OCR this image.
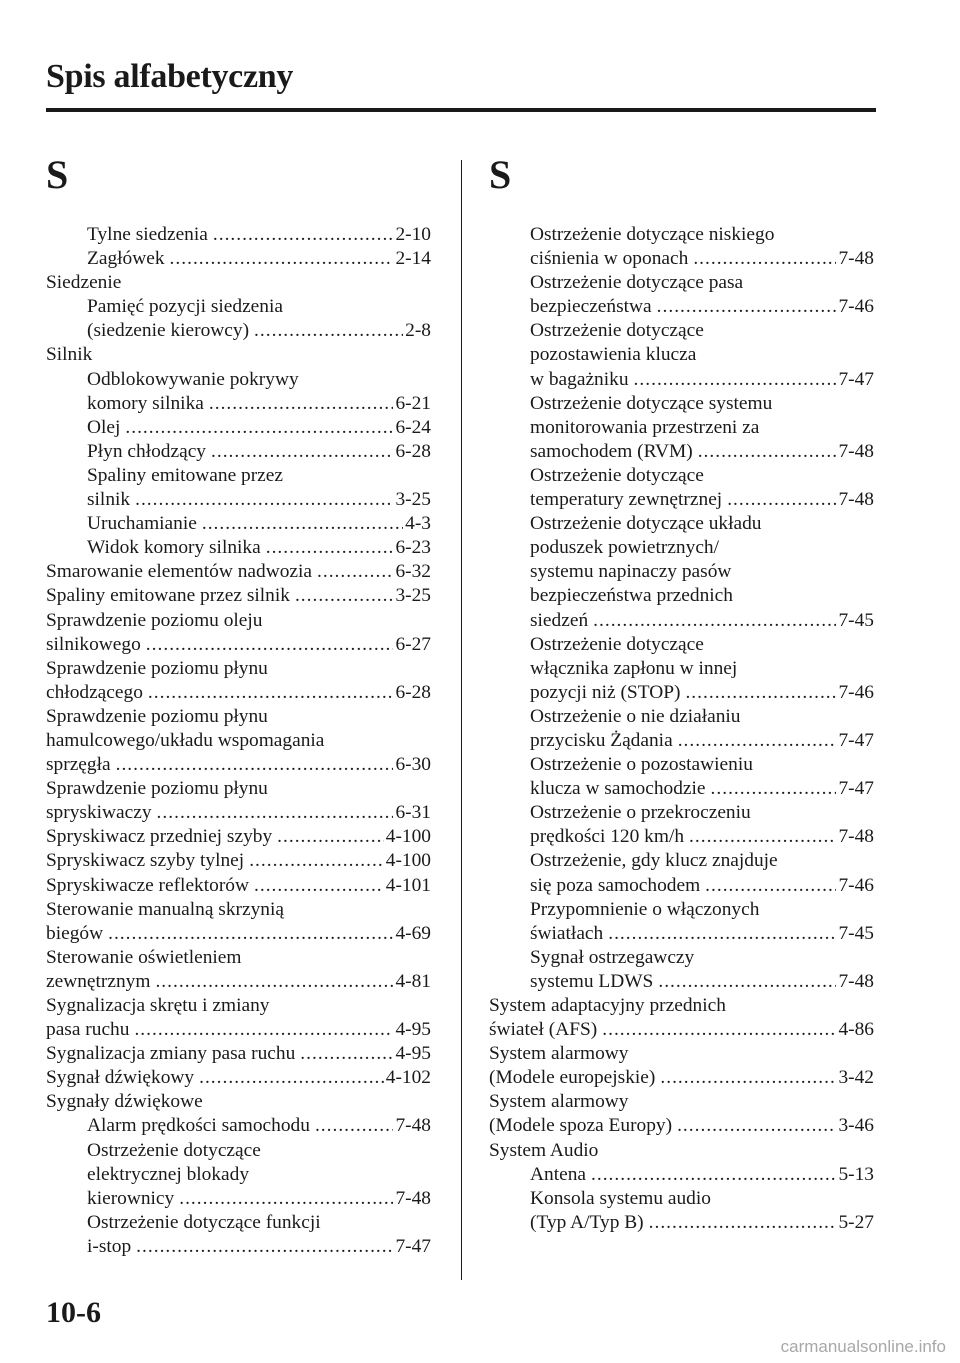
Spis alfabetyczny
S
Tylne siedzenia .....	2-10
Zagłówek .....	2-14
Siedzenie
Pamięć pozycji siedzenia
(siedzenie kierowcy) .....	2-8
Silnik
Odblokowywanie pokrywy
komory silnika .....	6-21
Olej .....	6-24
Płyn chłodzący .....	6-28
Spaliny emitowane przez
silnik .....	3-25
Uruchamianie .....	4-3
Widok komory silnika .....	6-23
Smarowanie elementów nadwozia .....	6-32
Spaliny emitowane przez silnik .....	3-25
Sprawdzenie poziomu oleju
silnikowego .....	6-27
Sprawdzenie poziomu płynu
chłodzącego .....	6-28
Sprawdzenie poziomu płynu
hamulcowego/układu wspomagania
sprzęgła .....	6-30
Sprawdzenie poziomu płynu
spryskiwaczy .....	6-31
Spryskiwacz przedniej szyby .....	4-100
Spryskiwacz szyby tylnej .....	4-100
Spryskiwacze reflektorów .....	4-101
Sterowanie manualną skrzynią
biegów .....	4-69
Sterowanie oświetleniem
zewnętrznym .....	4-81
Sygnalizacja skrętu i zmiany
pasa ruchu .....	4-95
Sygnalizacja zmiany pasa ruchu .....	4-95
Sygnał dźwiękowy .....	4-102
Sygnały dźwiękowe
Alarm prędkości samochodu .....	7-48
Ostrzeżenie dotyczące
elektrycznej blokady
kierownicy .....	7-48
Ostrzeżenie dotyczące funkcji
i-stop .....	7-47
S
Ostrzeżenie dotyczące niskiego
ciśnienia w oponach .....	7-48
Ostrzeżenie dotyczące pasa
bezpieczeństwa .....	7-46
Ostrzeżenie dotyczące
pozostawienia klucza
w bagażniku .....	7-47
Ostrzeżenie dotyczące systemu
monitorowania przestrzeni za
samochodem (RVM) .....	7-48
Ostrzeżenie dotyczące
temperatury zewnętrznej .....	7-48
Ostrzeżenie dotyczące układu
poduszek powietrznych/
systemu napinaczy pasów
bezpieczeństwa przednich
siedzeń .....	7-45
Ostrzeżenie dotyczące
włącznika zapłonu w innej
pozycji niż (STOP) .....	7-46
Ostrzeżenie o nie działaniu
przycisku Żądania .....	7-47
Ostrzeżenie o pozostawieniu
klucza w samochodzie .....	7-47
Ostrzeżenie o przekroczeniu
prędkości 120 km/h .....	7-48
Ostrzeżenie, gdy klucz znajduje
się poza samochodem .....	7-46
Przypomnienie o włączonych
światłach .....	7-45
Sygnał ostrzegawczy
systemu LDWS .....	7-48
System adaptacyjny przednich
świateł (AFS) .....	4-86
System alarmowy
(Modele europejskie) .....	3-42
System alarmowy
(Modele spoza Europy) .....	3-46
System Audio
Antena .....	5-13
Konsola systemu audio
(Typ A/Typ B) .....	5-27
10-6
carmanualsonline.info
